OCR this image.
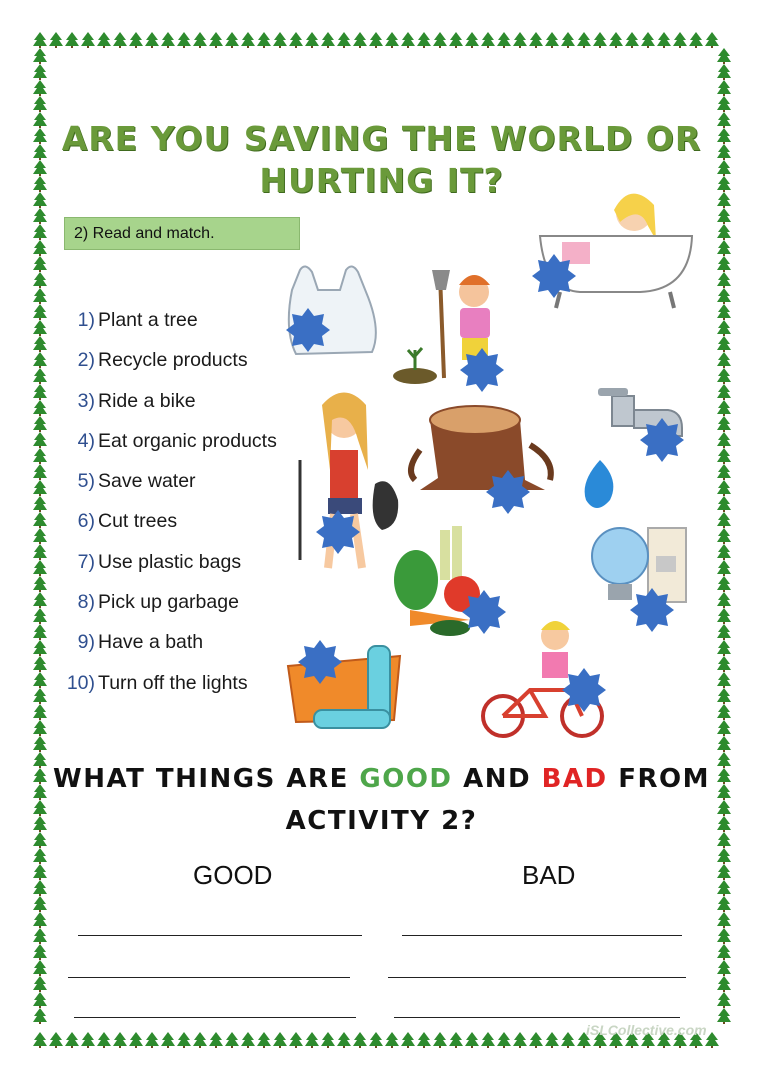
ARE YOU SAVING THE WORLD OR
HURTING IT?
2) Read and match.
1) Plant a tree
2) Recycle products
3) Ride a bike
4) Eat organic products
5) Save water
6) Cut trees
7) Use plastic bags
8) Pick up garbage
9) Have a bath
10) Turn off the lights
WHAT THINGS ARE GOOD AND BAD FROM
ACTIVITY 2?
GOOD	BAD
iSLCollective.com
